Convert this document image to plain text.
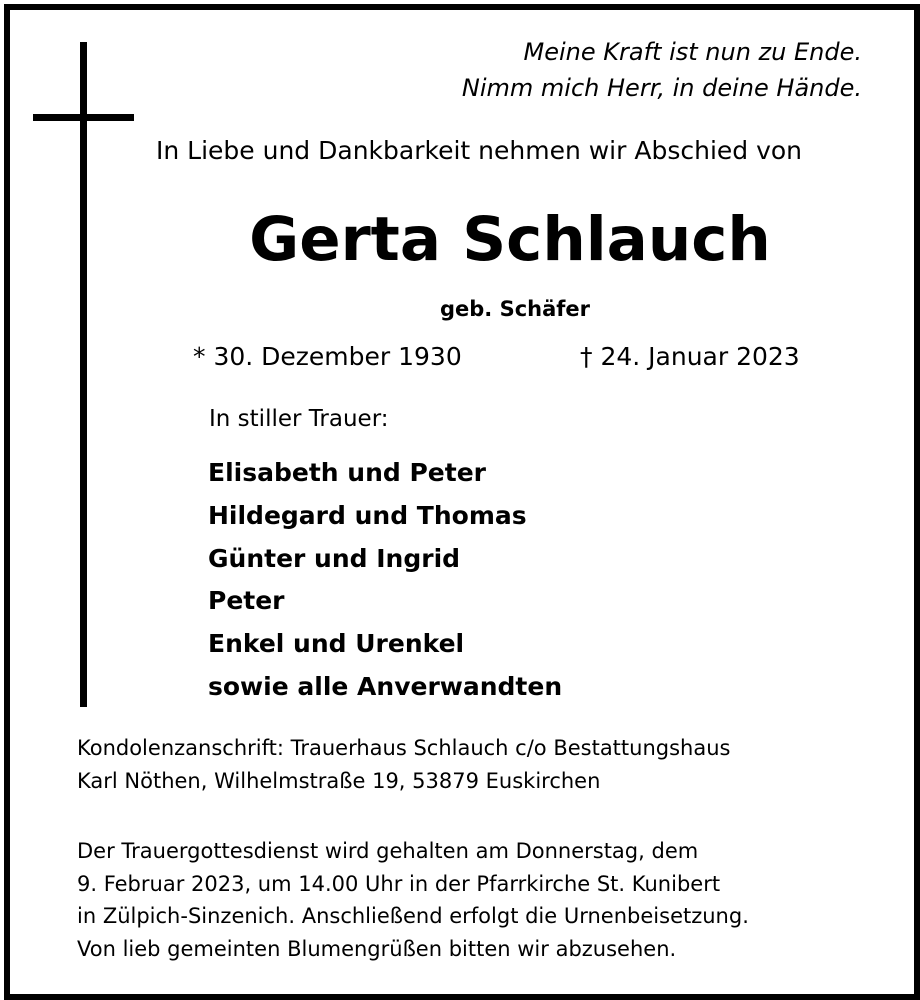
Meine Kraft ist nun zu Ende.
Nimm mich Herr, in deine Hände.
In Liebe und Dankbarkeit nehmen wir Abschied von
Gerta Schlauch
geb. Schäfer
* 30. Dezember 1930	† 24. Januar 2023
In stiller Trauer:
Elisabeth und Peter
Hildegard und Thomas
Günter und Ingrid
Peter
Enkel und Urenkel
sowie alle Anverwandten
Kondolenzanschrift: Trauerhaus Schlauch c/o Bestattungshaus
Karl Nöthen, Wilhelmstraße 19, 53879 Euskirchen
Der Trauergottesdienst wird gehalten am Donnerstag, dem
9. Februar 2023, um 14.00 Uhr in der Pfarrkirche St. Kunibert
in Zülpich-Sinzenich. Anschließend erfolgt die Urnenbeisetzung.
Von lieb gemeinten Blumengrüßen bitten wir abzusehen.
